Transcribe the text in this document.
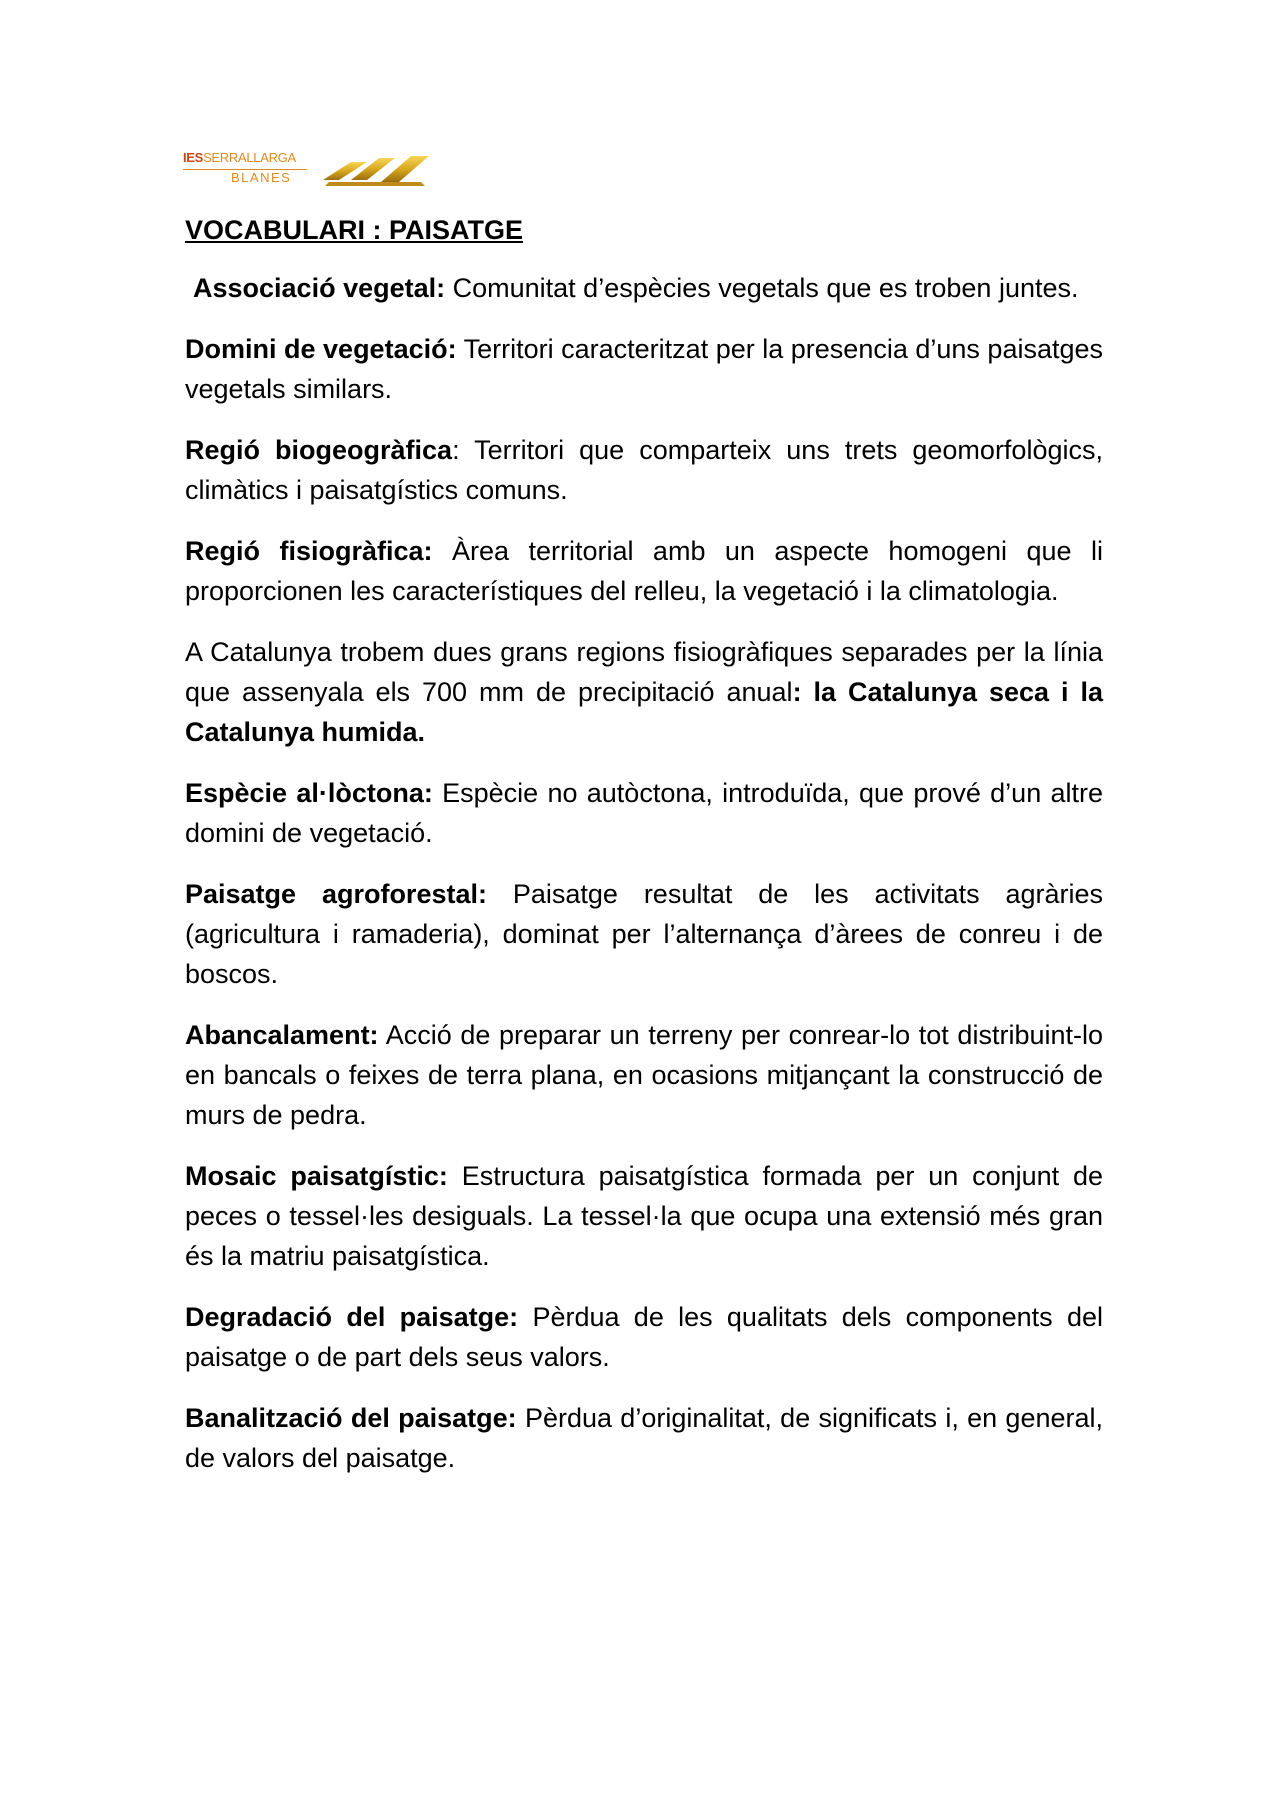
IESSERRALLARGA
BLANES
VOCABULARI : PAISATGE

Associació vegetal: Comunitat d’espècies vegetals que es troben juntes.

Domini de vegetació: Territori caracteritzat per la presencia d’uns paisatges vegetals similars.

Regió biogeogràfica: Territori que comparteix uns trets geomorfològics, climàtics i paisatgístics comuns.

Regió fisiogràfica: Àrea territorial amb un aspecte homogeni que li proporcionen les característiques del relleu, la vegetació i la climatologia.

A Catalunya trobem dues grans regions fisiogràfiques separades per la línia que assenyala els 700 mm de precipitació anual: la Catalunya seca i la Catalunya humida.

Espècie al·lòctona: Espècie no autòctona, introduïda, que prové d’un altre domini de vegetació.

Paisatge agroforestal: Paisatge resultat de les activitats agràries (agricultura i ramaderia), dominat per l’alternança d’àrees de conreu i de boscos.

Abancalament: Acció de preparar un terreny per conrear-lo tot distribuint-lo en bancals o feixes de terra plana, en ocasions mitjançant la construcció de murs de pedra.

Mosaic paisatgístic: Estructura paisatgística formada per un conjunt de peces o tessel·les desiguals. La tessel·la que ocupa una extensió més gran és la matriu paisatgística.

Degradació del paisatge: Pèrdua de les qualitats dels components del paisatge o de part dels seus valors.

Banalització del paisatge: Pèrdua d’originalitat, de significats i, en general, de valors del paisatge.
